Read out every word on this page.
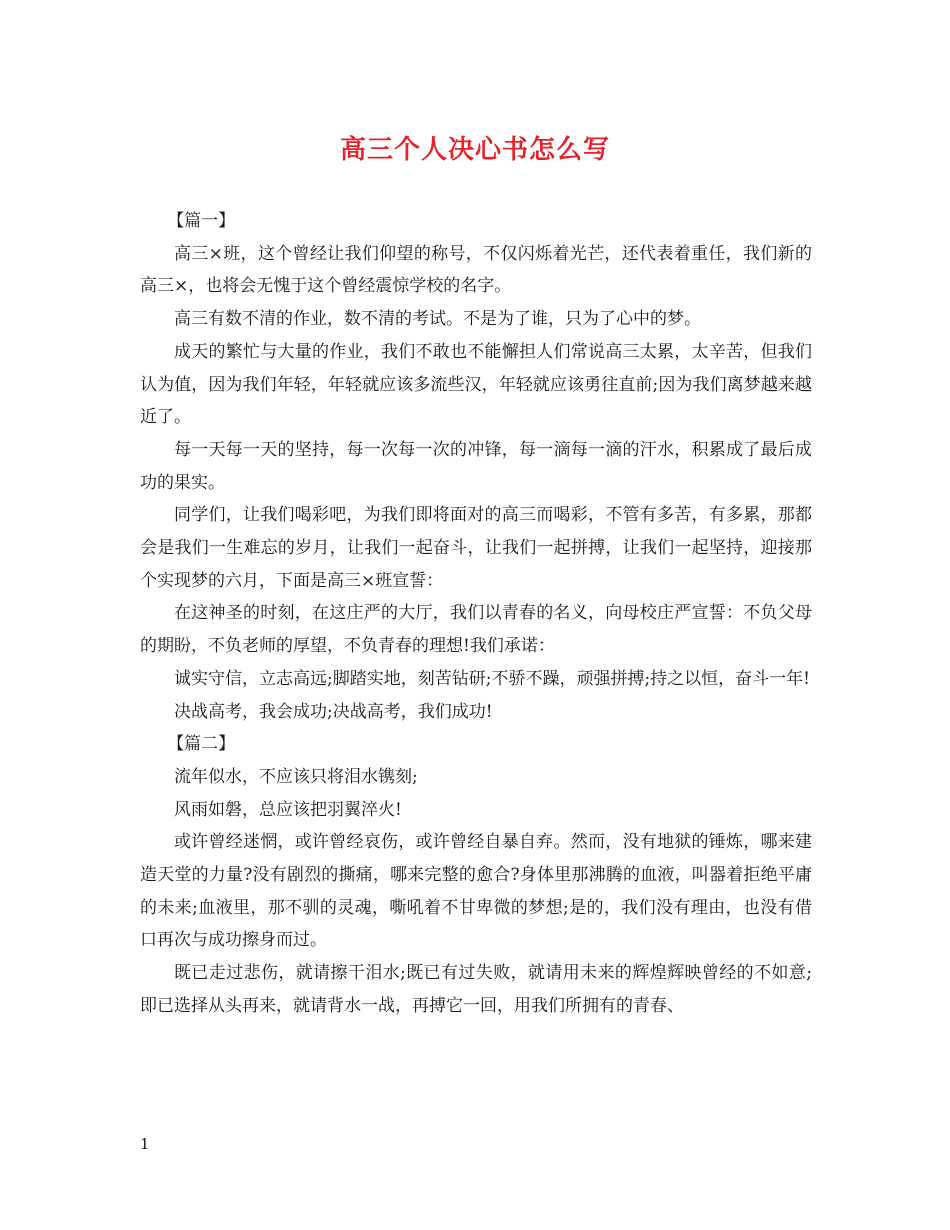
高三个人决心书怎么写

【篇一】

高三×班，这个曾经让我们仰望的称号，不仅闪烁着光芒，还代表着重任，我们新的高三×，也将会无愧于这个曾经震惊学校的名字。

高三有数不清的作业，数不清的考试。不是为了谁，只为了心中的梦。

成天的繁忙与大量的作业，我们不敢也不能懈担人们常说高三太累，太辛苦，但我们认为值，因为我们年轻，年轻就应该多流些汉，年轻就应该勇往直前;因为我们离梦越来越近了。

每一天每一天的坚持，每一次每一次的冲锋，每一滴每一滴的汗水，积累成了最后成功的果实。

同学们，让我们喝彩吧，为我们即将面对的高三而喝彩，不管有多苦，有多累，那都会是我们一生难忘的岁月，让我们一起奋斗，让我们一起拼搏，让我们一起坚持，迎接那个实现梦的六月，下面是高三×班宣誓：

在这神圣的时刻，在这庄严的大厅，我们以青春的名义，向母校庄严宣誓：不负父母的期盼，不负老师的厚望，不负青春的理想!我们承诺：

诚实守信，立志高远;脚踏实地，刻苦钻研;不骄不躁，顽强拼搏;持之以恒，奋斗一年!

决战高考，我会成功;决战高考，我们成功!

【篇二】

流年似水，不应该只将泪水镌刻;

风雨如磐，总应该把羽翼淬火!

或许曾经迷惘，或许曾经哀伤，或许曾经自暴自弃。然而，没有地狱的锤炼，哪来建造天堂的力量?没有剧烈的撕痛，哪来完整的愈合?身体里那沸腾的血液，叫器着拒绝平庸的未来;血液里，那不驯的灵魂，嘶吼着不甘卑微的梦想;是的，我们没有理由，也没有借口再次与成功擦身而过。

既已走过悲伤，就请擦干泪水;既已有过失败，就请用未来的辉煌辉映曾经的不如意;即已选择从头再来，就请背水一战，再搏它一回，用我们所拥有的青春、

1
